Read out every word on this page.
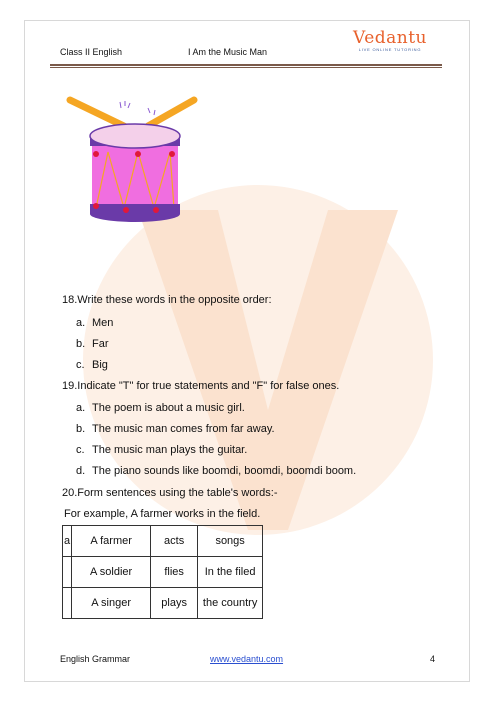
Class II English	I Am the Music Man
Vedantu
LIVE ONLINE TUTORING
18.Write these words in the opposite order:
a. Men
b. Far
c. Big
19.Indicate "T" for true statements and "F" for false ones.
a. The poem is about a music girl.
b. The music man comes from far away.
c. The music man plays the guitar.
d. The piano sounds like boomdi, boomdi, boomdi boom.
20.Form sentences using the table's words:-
For example, A farmer works in the field.
a	A farmer	acts	songs
	A soldier	flies	In the filed
	A singer	plays	the country
English Grammar	www.vedantu.com	4
